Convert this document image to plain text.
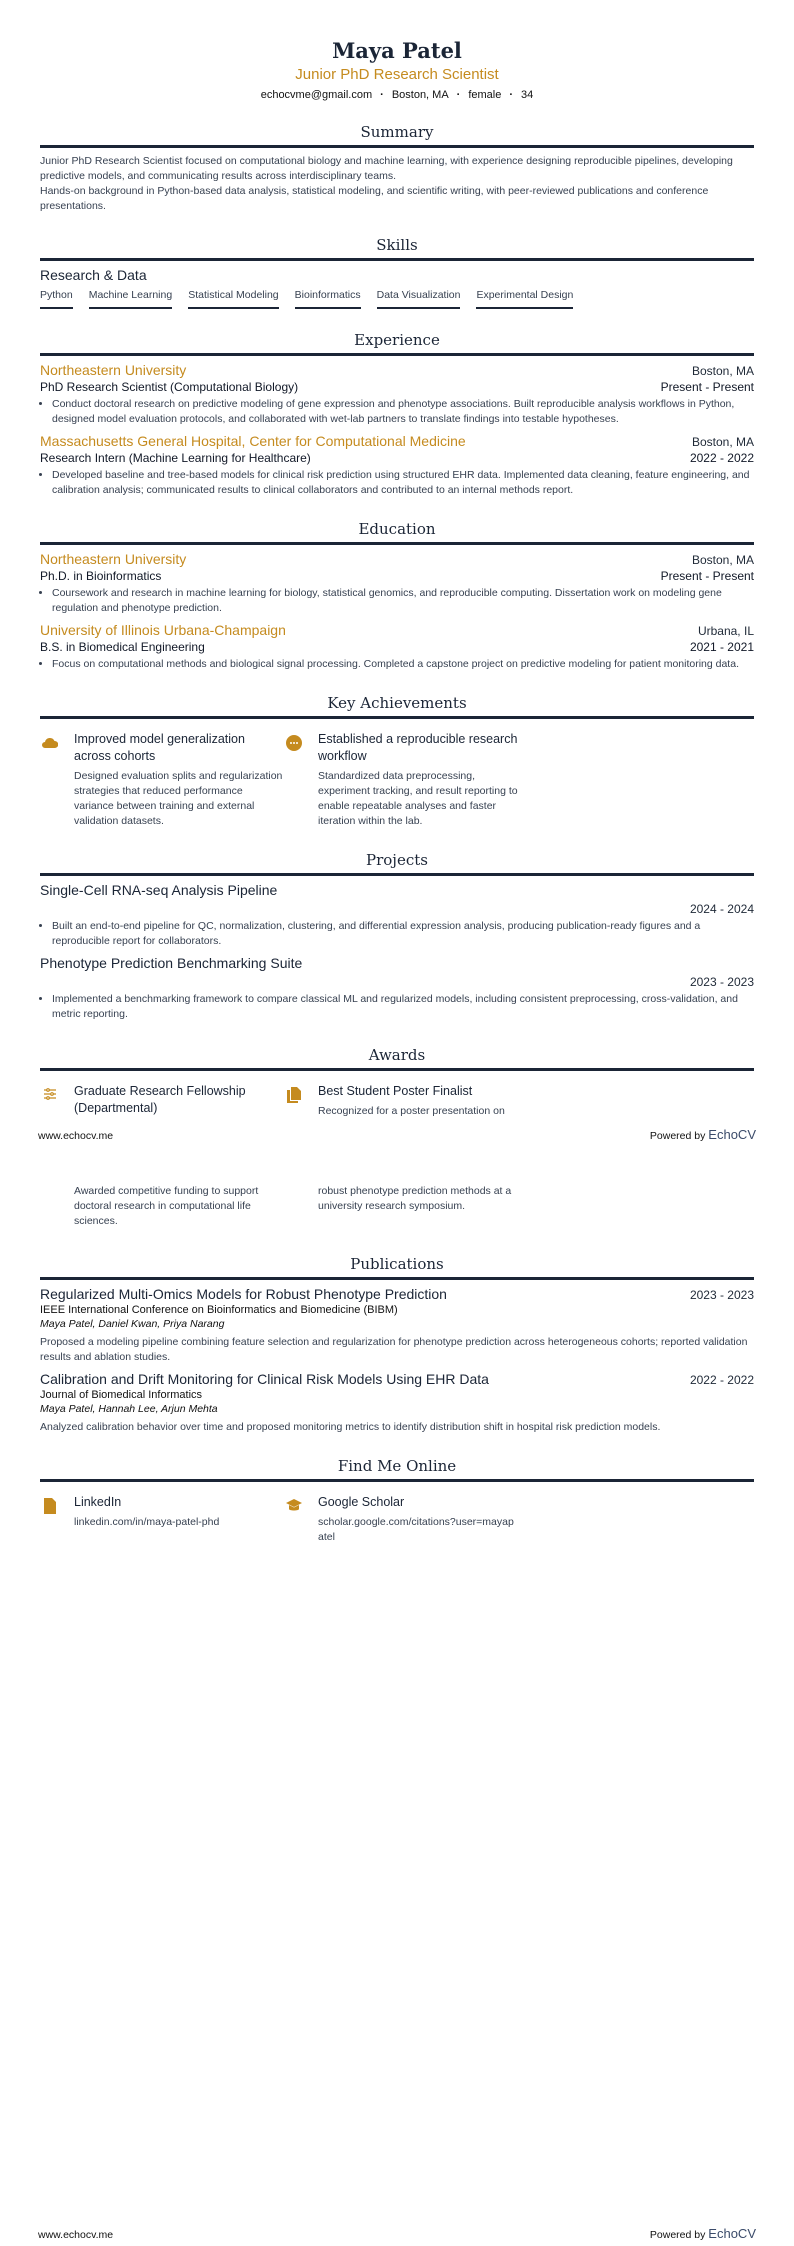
Maya Patel
Junior PhD Research Scientist
echocvme@gmail.com · Boston, MA · female · 34
Summary

Junior PhD Research Scientist focused on computational biology and machine learning, with experience designing reproducible pipelines, developing predictive models, and communicating results across interdisciplinary teams.

Hands-on background in Python-based data analysis, statistical modeling, and scientific writing, with peer-reviewed publications and conference presentations.

Skills
Research & Data
Python Machine Learning Statistical Modeling Bioinformatics Data Visualization Experimental Design
Experience
Northeastern University	Boston, MA
PhD Research Scientist (Computational Biology)	Present - Present
• Conduct doctoral research on predictive modeling of gene expression and phenotype associations. Built reproducible analysis workflows in Python, designed model evaluation protocols, and collaborated with wet-lab partners to translate findings into testable hypotheses.
Massachusetts General Hospital, Center for Computational Medicine	Boston, MA
Research Intern (Machine Learning for Healthcare)	2022 - 2022
• Developed baseline and tree-based models for clinical risk prediction using structured EHR data. Implemented data cleaning, feature engineering, and calibration analysis; communicated results to clinical collaborators and contributed to an internal methods report.
Education
Northeastern University	Boston, MA
Ph.D. in Bioinformatics	Present - Present
• Coursework and research in machine learning for biology, statistical genomics, and reproducible computing. Dissertation work on modeling gene regulation and phenotype prediction.
University of Illinois Urbana-Champaign	Urbana, IL
B.S. in Biomedical Engineering	2021 - 2021
• Focus on computational methods and biological signal processing. Completed a capstone project on predictive modeling for patient monitoring data.
Key Achievements
Improved model generalization across cohorts
Designed evaluation splits and regularization strategies that reduced performance variance between training and external validation datasets.
Established a reproducible research workflow
Standardized data preprocessing, experiment tracking, and result reporting to enable repeatable analyses and faster iteration within the lab.
Projects
Single-Cell RNA-seq Analysis Pipeline
2024 - 2024
• Built an end-to-end pipeline for QC, normalization, clustering, and differential expression analysis, producing publication-ready figures and a reproducible report for collaborators.
Phenotype Prediction Benchmarking Suite
2023 - 2023
• Implemented a benchmarking framework to compare classical ML and regularized models, including consistent preprocessing, cross-validation, and metric reporting.
Awards
Graduate Research Fellowship (Departmental)
Best Student Poster Finalist
Recognized for a poster presentation on
www.echocv.me	Powered by EchoCV
Awarded competitive funding to support doctoral research in computational life sciences.
robust phenotype prediction methods at a university research symposium.
Publications
Regularized Multi-Omics Models for Robust Phenotype Prediction	2023 - 2023
IEEE International Conference on Bioinformatics and Biomedicine (BIBM)
Maya Patel, Daniel Kwan, Priya Narang

Proposed a modeling pipeline combining feature selection and regularization for phenotype prediction across heterogeneous cohorts; reported validation results and ablation studies.

Calibration and Drift Monitoring for Clinical Risk Models Using EHR Data	2022 - 2022
Journal of Biomedical Informatics
Maya Patel, Hannah Lee, Arjun Mehta

Analyzed calibration behavior over time and proposed monitoring metrics to identify distribution shift in hospital risk prediction models.

Find Me Online
LinkedIn
linkedin.com/in/maya-patel-phd
Google Scholar
scholar.google.com/citations?user=mayapatel
www.echocv.me	Powered by EchoCV
